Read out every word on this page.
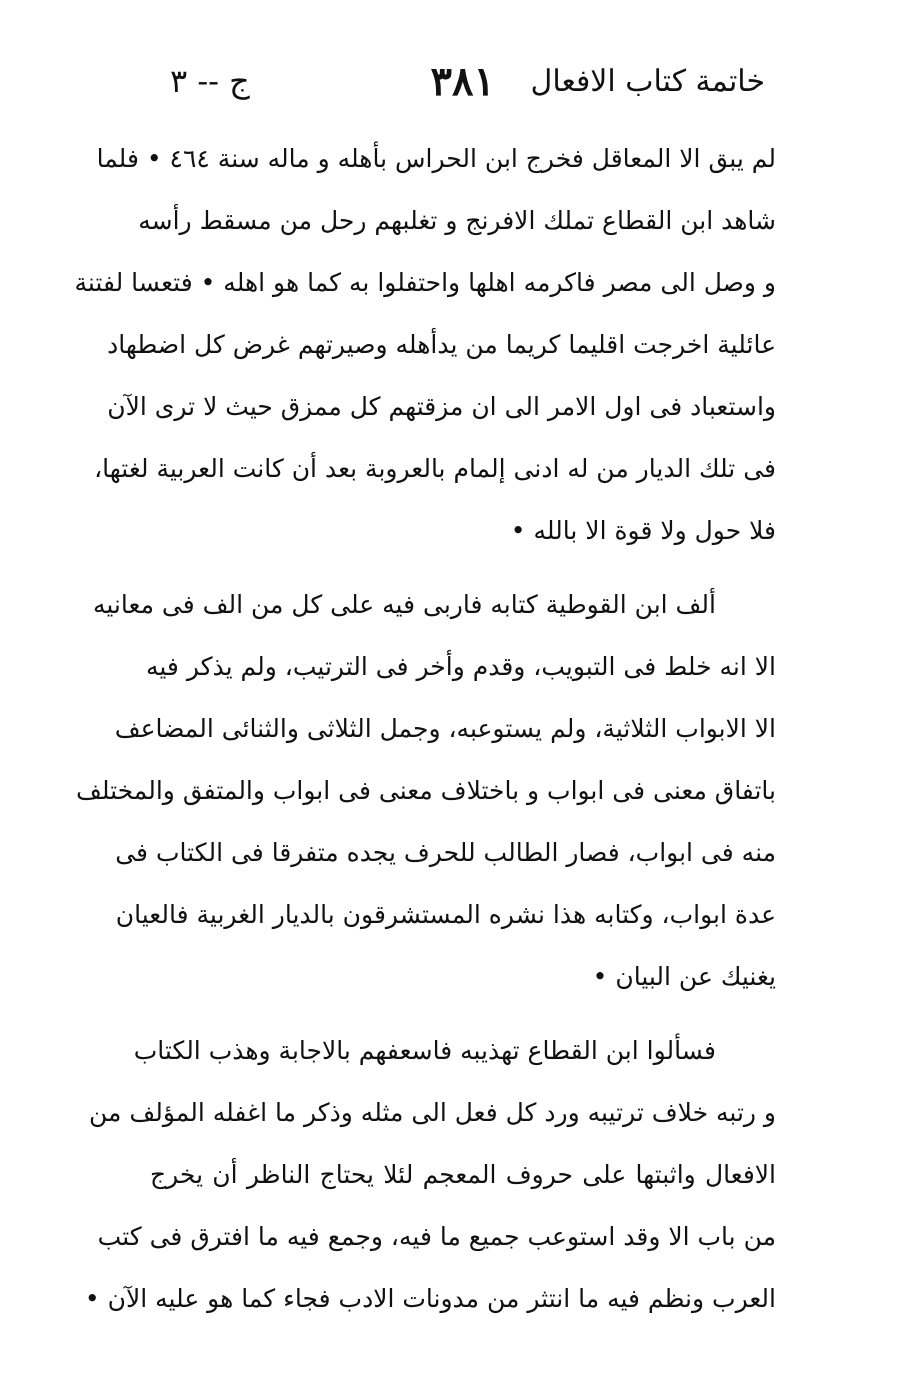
خاتمة كتاب الافعال
٣٨١
ج -- ٣
لم يبق الا المعاقل فخرج ابن الحراس بأهله و ماله سنة ٤٦٤ • فلما
شاهد ابن القطاع تملك الافرنج و تغلبهم رحل من مسقط رأسه
و وصل الى مصر فاكرمه اهلها واحتفلوا به كما هو اهله • فتعسا لفتنة
عائلية اخرجت اقليما كريما من يدأهله وصيرتهم غرض كل اضطهاد
واستعباد فى اول الامر الى ان مزقتهم كل ممزق حيث لا ترى الآن
فى تلك الديار من له ادنى إلمام بالعروبة بعد أن كانت العربية لغتها،
فلا حول ولا قوة الا بالله •
ألف ابن القوطية كتابه فاربى فيه على كل من الف فى معانيه
الا انه خلط فى التبويب، وقدم وأخر فى الترتيب، ولم يذكر فيه
الا الابواب الثلاثية، ولم يستوعبه، وجمل الثلاثى والثنائى المضاعف
باتفاق معنى فى ابواب و باختلاف معنى فى ابواب والمتفق والمختلف
منه فى ابواب، فصار الطالب للحرف يجده متفرقا فى الكتاب فى
عدة ابواب، وكتابه هذا نشره المستشرقون بالديار الغربية فالعيان
يغنيك عن البيان •
فسألوا ابن القطاع تهذيبه فاسعفهم بالاجابة وهذب الكتاب
و رتبه خلاف ترتيبه ورد كل فعل الى مثله وذكر ما اغفله المؤلف من
الافعال واثبتها على حروف المعجم لئلا يحتاج الناظر أن يخرج
من باب الا وقد استوعب جميع ما فيه، وجمع فيه ما افترق فى كتب
العرب ونظم فيه ما انتثر من مدونات الادب فجاء كما هو عليه الآن •
